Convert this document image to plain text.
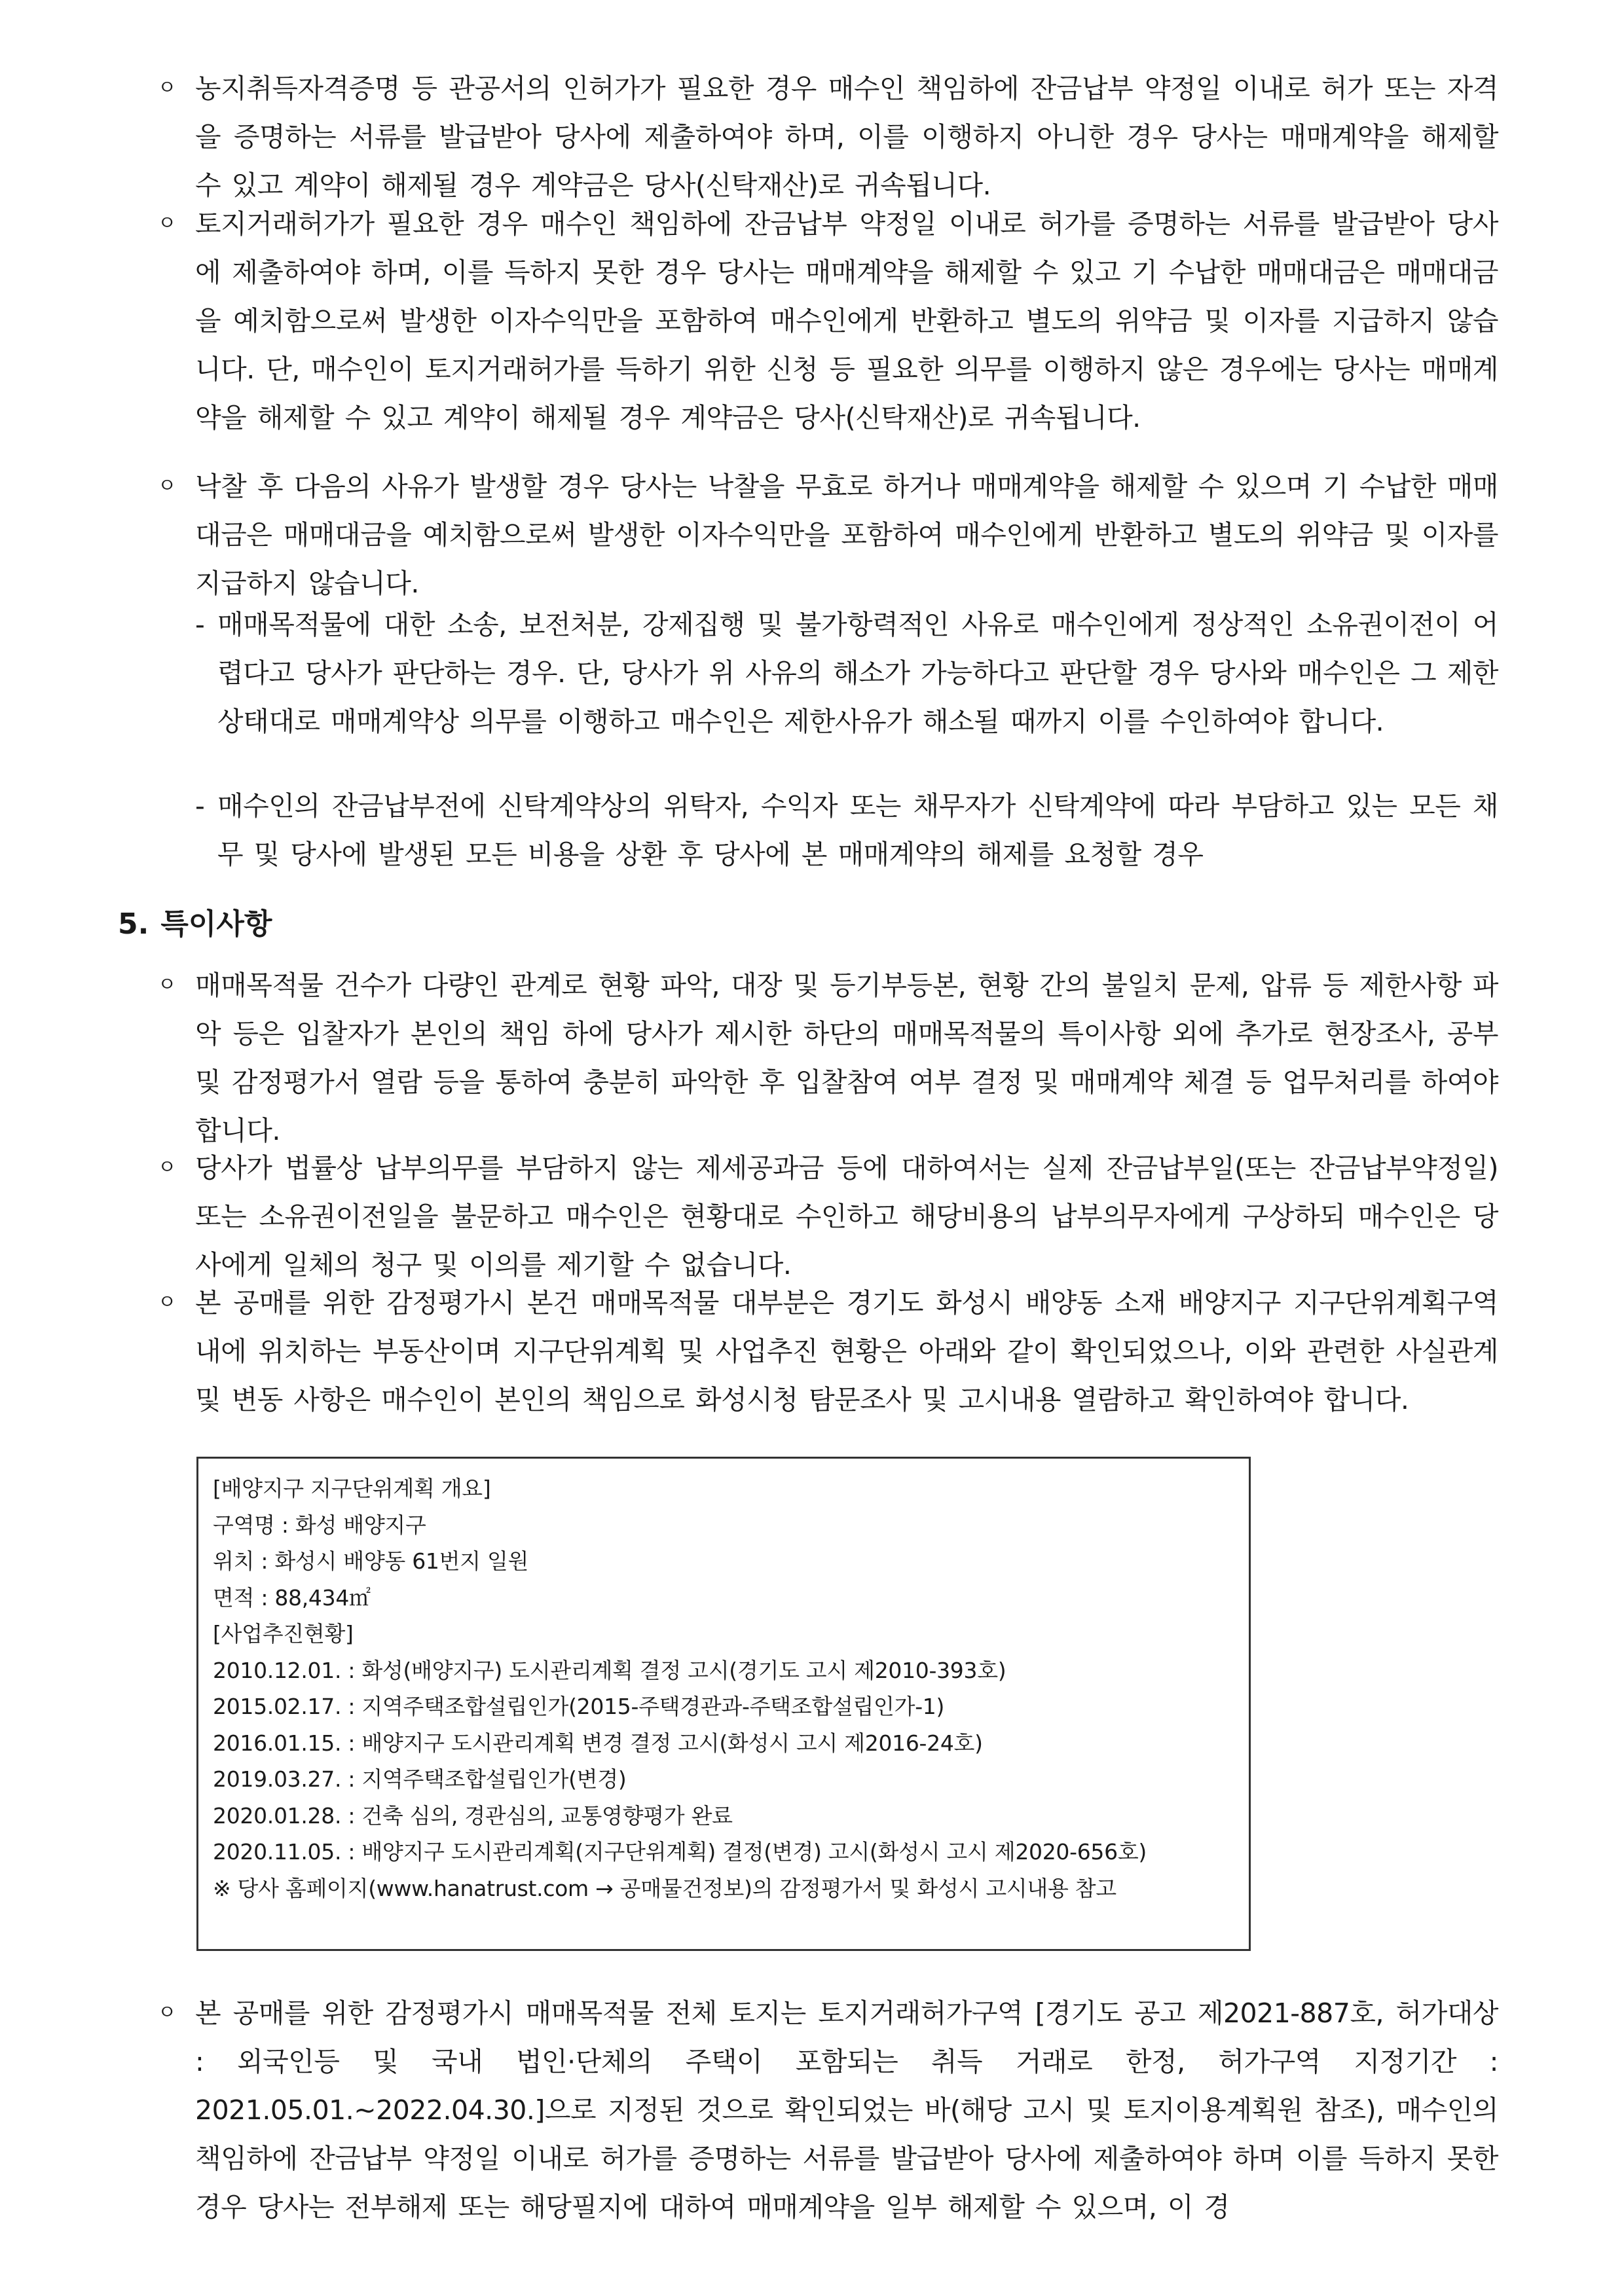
ㅇ 농지취득자격증명 등 관공서의 인허가가 필요한 경우 매수인 책임하에 잔금납부 약정일 이내로 허가 또는 자격을 증명하는 서류를 발급받아 당사에 제출하여야 하며, 이를 이행하지 아니한 경우 당사는 매매계약을 해제할 수 있고 계약이 해제될 경우 계약금은 당사(신탁재산)로 귀속됩니다.

ㅇ 토지거래허가가 필요한 경우 매수인 책임하에 잔금납부 약정일 이내로 허가를 증명하는 서류를 발급받아 당사에 제출하여야 하며, 이를 득하지 못한 경우 당사는 매매계약을 해제할 수 있고 기 수납한 매매대금은 매매대금을 예치함으로써 발생한 이자수익만을 포함하여 매수인에게 반환하고 별도의 위약금 및 이자를 지급하지 않습니다. 단, 매수인이 토지거래허가를 득하기 위한 신청 등 필요한 의무를 이행하지 않은 경우에는 당사는 매매계약을 해제할 수 있고 계약이 해제될 경우 계약금은 당사(신탁재산)로 귀속됩니다.

ㅇ 낙찰 후 다음의 사유가 발생할 경우 당사는 낙찰을 무효로 하거나 매매계약을 해제할 수 있으며 기 수납한 매매대금은 매매대금을 예치함으로써 발생한 이자수익만을 포함하여 매수인에게 반환하고 별도의 위약금 및 이자를 지급하지 않습니다.

- 매매목적물에 대한 소송, 보전처분, 강제집행 및 불가항력적인 사유로 매수인에게 정상적인 소유권이전이 어렵다고 당사가 판단하는 경우. 단, 당사가 위 사유의 해소가 가능하다고 판단할 경우 당사와 매수인은 그 제한상태대로 매매계약상 의무를 이행하고 매수인은 제한사유가 해소될 때까지 이를 수인하여야 합니다.

- 매수인의 잔금납부전에 신탁계약상의 위탁자, 수익자 또는 채무자가 신탁계약에 따라 부담하고 있는 모든 채무 및 당사에 발생된 모든 비용을 상환 후 당사에 본 매매계약의 해제를 요청할 경우

5. 특이사항
ㅇ 매매목적물 건수가 다량인 관계로 현황 파악, 대장 및 등기부등본, 현황 간의 불일치 문제, 압류 등 제한사항 파악 등은 입찰자가 본인의 책임 하에 당사가 제시한 하단의 매매목적물의 특이사항 외에 추가로 현장조사, 공부 및 감정평가서 열람 등을 통하여 충분히 파악한 후 입찰참여 여부 결정 및 매매계약 체결 등 업무처리를 하여야 합니다.

ㅇ 당사가 법률상 납부의무를 부담하지 않는 제세공과금 등에 대하여서는 실제 잔금납부일(또는 잔금납부약정일) 또는 소유권이전일을 불문하고 매수인은 현황대로 수인하고 해당비용의 납부의무자에게 구상하되 매수인은 당사에게 일체의 청구 및 이의를 제기할 수 없습니다.

ㅇ 본 공매를 위한 감정평가시 본건 매매목적물 대부분은 경기도 화성시 배양동 소재 배양지구 지구단위계획구역 내에 위치하는 부동산이며 지구단위계획 및 사업추진 현황은 아래와 같이 확인되었으나, 이와 관련한 사실관계 및 변동 사항은 매수인이 본인의 책임으로 화성시청 탐문조사 및 고시내용 열람하고 확인하여야 합니다.

[배양지구 지구단위계획 개요]
구역명 : 화성 배양지구
위치 : 화성시 배양동 61번지 일원
면적 : 88,434㎡
[사업추진현황]
2010.12.01. : 화성(배양지구) 도시관리계획 결정 고시(경기도 고시 제2010-393호)
2015.02.17. : 지역주택조합설립인가(2015-주택경관과-주택조합설립인가-1)
2016.01.15. : 배양지구 도시관리계획 변경 결정 고시(화성시 고시 제2016-24호)
2019.03.27. : 지역주택조합설립인가(변경)
2020.01.28. : 건축 심의, 경관심의, 교통영향평가 완료
2020.11.05. : 배양지구 도시관리계획(지구단위계획) 결정(변경) 고시(화성시 고시 제2020-656호)
※ 당사 홈페이지(www.hanatrust.com → 공매물건정보)의 감정평가서 및 화성시 고시내용 참고
ㅇ 본 공매를 위한 감정평가시 매매목적물 전체 토지는 토지거래허가구역 [경기도 공고 제2021-887호, 허가대상 : 외국인등 및 국내 법인·단체의 주택이 포함되는 취득 거래로 한정, 허가구역 지정기간 : 2021.05.01.~2022.04.30.]으로 지정된 것으로 확인되었는 바(해당 고시 및 토지이용계획원 참조), 매수인의 책임하에 잔금납부 약정일 이내로 허가를 증명하는 서류를 발급받아 당사에 제출하여야 하며 이를 득하지 못한 경우 당사는 전부해제 또는 해당필지에 대하여 매매계약을 일부 해제할 수 있으며, 이 경
